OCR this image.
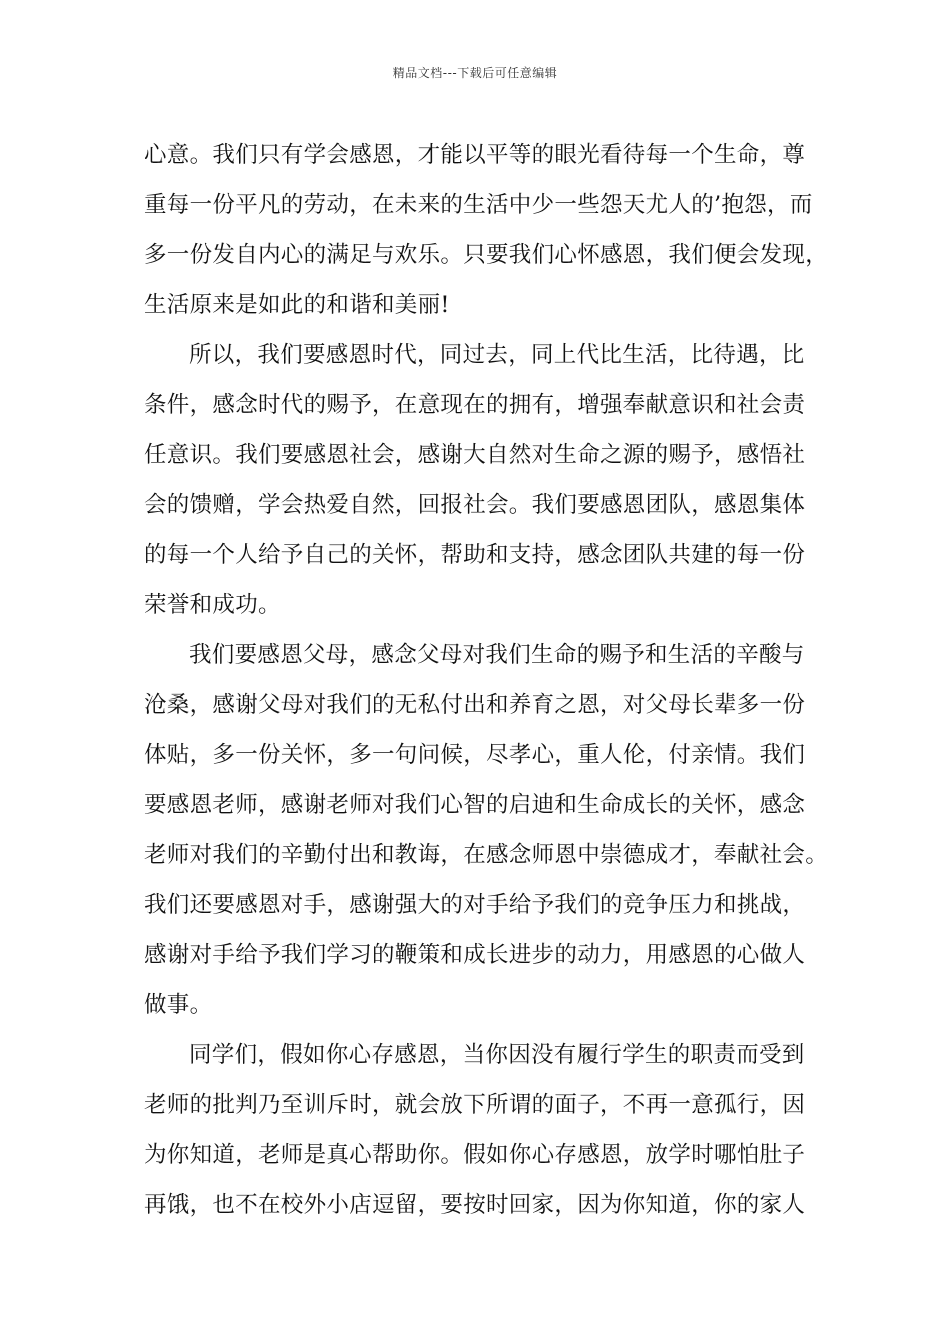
精品文档---下载后可任意编辑
心意。我们只有学会感恩，才能以平等的眼光看待每一个生命，尊
重每一份平凡的劳动，在未来的生活中少一些怨天尤人的’抱怨，而
多一份发自内心的满足与欢乐。只要我们心怀感恩，我们便会发现，
生活原来是如此的和谐和美丽!
所以，我们要感恩时代，同过去，同上代比生活，比待遇，比
条件，感念时代的赐予，在意现在的拥有，增强奉献意识和社会责
任意识。我们要感恩社会，感谢大自然对生命之源的赐予，感悟社
会的馈赠，学会热爱自然，回报社会。我们要感恩团队，感恩集体
的每一个人给予自己的关怀，帮助和支持，感念团队共建的每一份
荣誉和成功。
我们要感恩父母，感念父母对我们生命的赐予和生活的辛酸与
沧桑，感谢父母对我们的无私付出和养育之恩，对父母长辈多一份
体贴，多一份关怀，多一句问候，尽孝心，重人伦，付亲情。我们
要感恩老师，感谢老师对我们心智的启迪和生命成长的关怀，感念
老师对我们的辛勤付出和教诲，在感念师恩中崇德成才，奉献社会。
我们还要感恩对手，感谢强大的对手给予我们的竞争压力和挑战，
感谢对手给予我们学习的鞭策和成长进步的动力，用感恩的心做人
做事。
同学们，假如你心存感恩，当你因没有履行学生的职责而受到
老师的批判乃至训斥时，就会放下所谓的面子，不再一意孤行，因
为你知道，老师是真心帮助你。假如你心存感恩，放学时哪怕肚子
再饿，也不在校外小店逗留，要按时回家，因为你知道，你的家人
